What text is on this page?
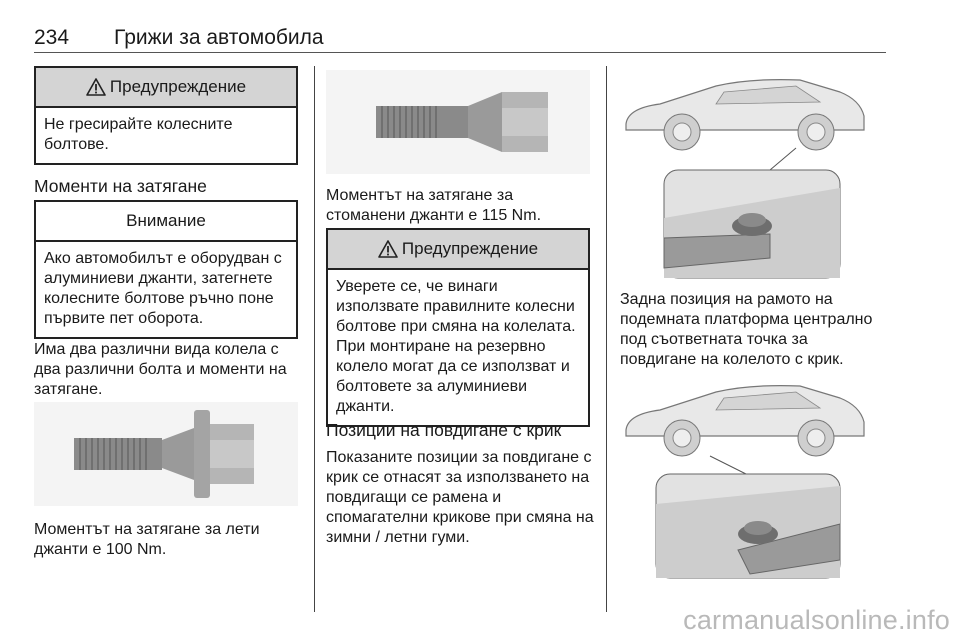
234 Грижи за автомобила
Предупреждение
Не гресирайте колесните болтове.
Моменти на затягане
Внимание
Ако автомобилът е оборудван с алуминиеви джанти, затегнете колесните болтове ръчно поне първите пет оборота.
Има два различни вида колела с два различни болта и моменти на затягане.
Моментът на затягане за лети джанти е 100 Nm.
Моментът на затягане за стоманени джанти е 115 Nm.
Предупреждение
Уверете се, че винаги използвате правилните колесни болтове при смяна на колелата. При монтиране на резервно колело могат да се използват и болтовете за алуминиеви джанти.
Позиции на повдигане с крик
Показаните позиции за повдигане с крик се отнасят за използването на повдигащи се рамена и спомагателни крикове при смяна на зимни / летни гуми.
Задна позиция на рамото на подемната платформа централно под съответната точка за повдигане на колелото с крик.
carmanualsonline.info
